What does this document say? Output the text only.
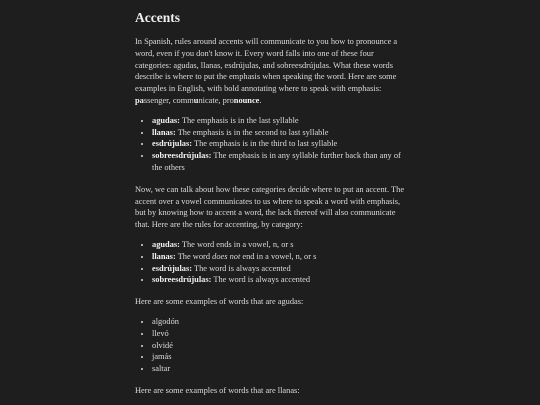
Accents

In Spanish, rules around accents will communicate to you how to pronounce a word, even if you don't know it. Every word falls into one of these four categories: agudas, llanas, esdrújulas, and sobreesdrújulas. What these words describe is where to put the emphasis when speaking the word. Here are some examples in English, with bold annotating where to speak with emphasis: passenger, communicate, pronounce.

• agudas: The emphasis is in the last syllable
• llanas: The emphasis is in the second to last syllable
• esdrújulas: The emphasis is in the third to last syllable
• sobreesdrújulas: The emphasis is in any syllable further back than any of the others

Now, we can talk about how these categories decide where to put an accent. The accent over a vowel communicates to us where to speak a word with emphasis, but by knowing how to accent a word, the lack thereof will also communicate that. Here are the rules for accenting, by category:

• agudas: The word ends in a vowel, n, or s
• llanas: The word does not end in a vowel, n, or s
• esdrújulas: The word is always accented
• sobreesdrújulas: The word is always accented

Here are some examples of words that are agudas:

• algodón
• llevó
• olvidé
• jamás
• saltar

Here are some examples of words that are llanas:
